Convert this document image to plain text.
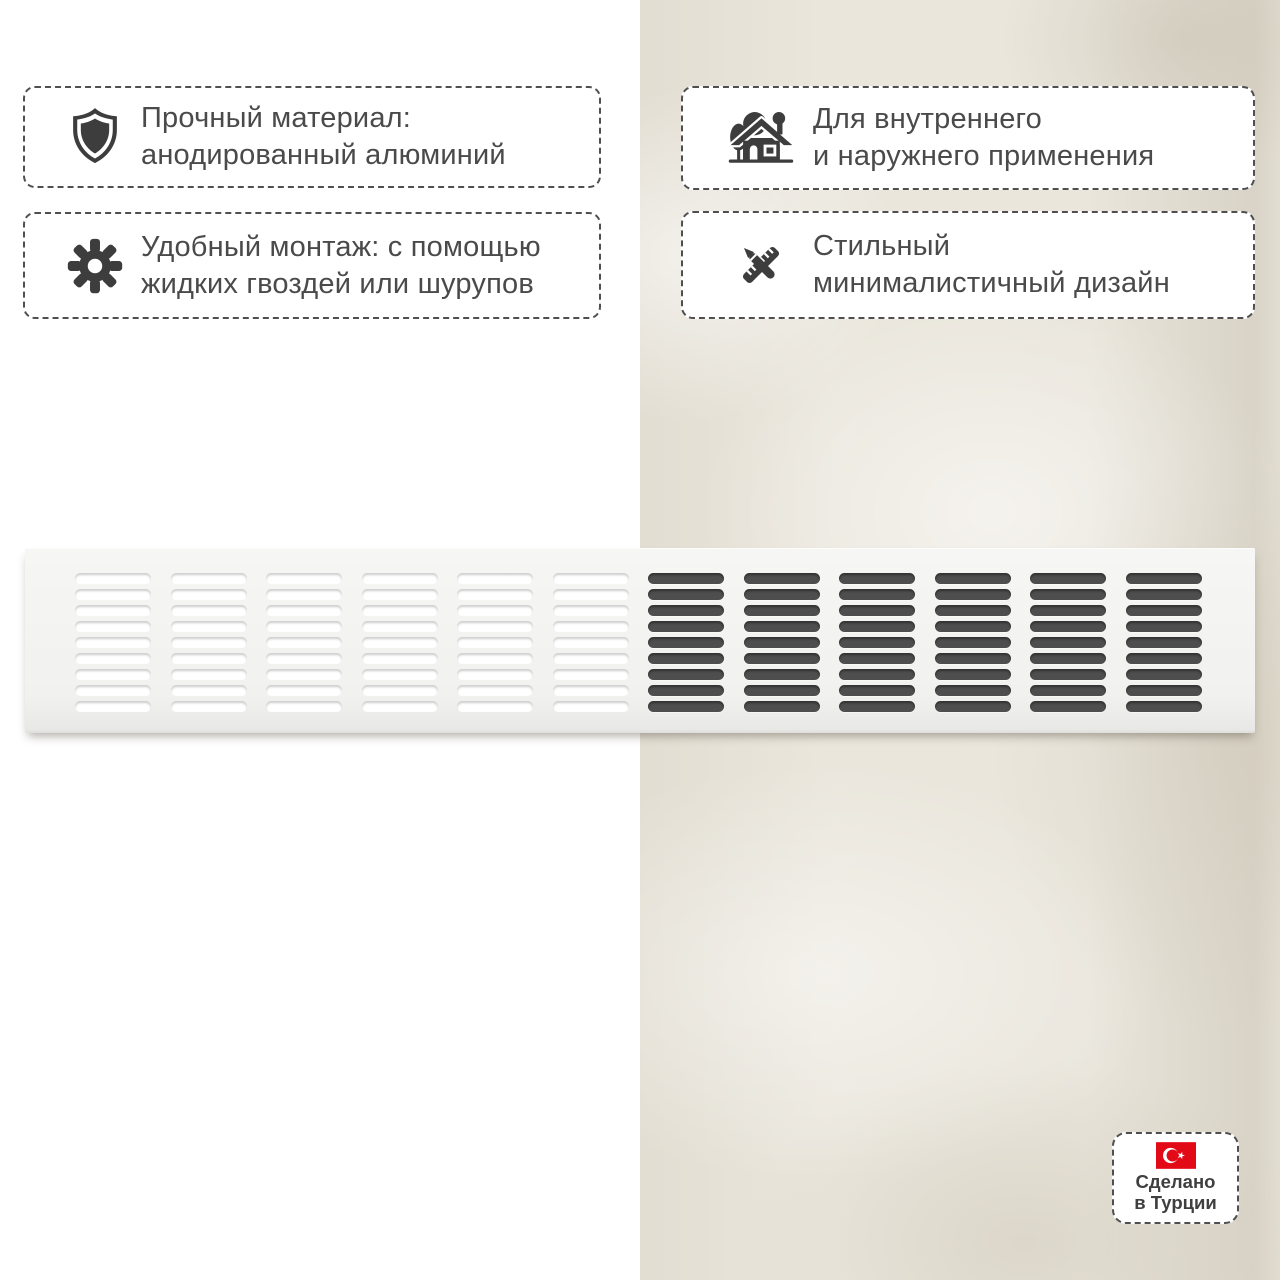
Прочный материал:
анодированный алюминий
Удобный монтаж: с помощью
жидких гвоздей или шурупов
Для внутреннего
и наружнего применения
Стильный
минималистичный дизайн
Сделано
в Турции
